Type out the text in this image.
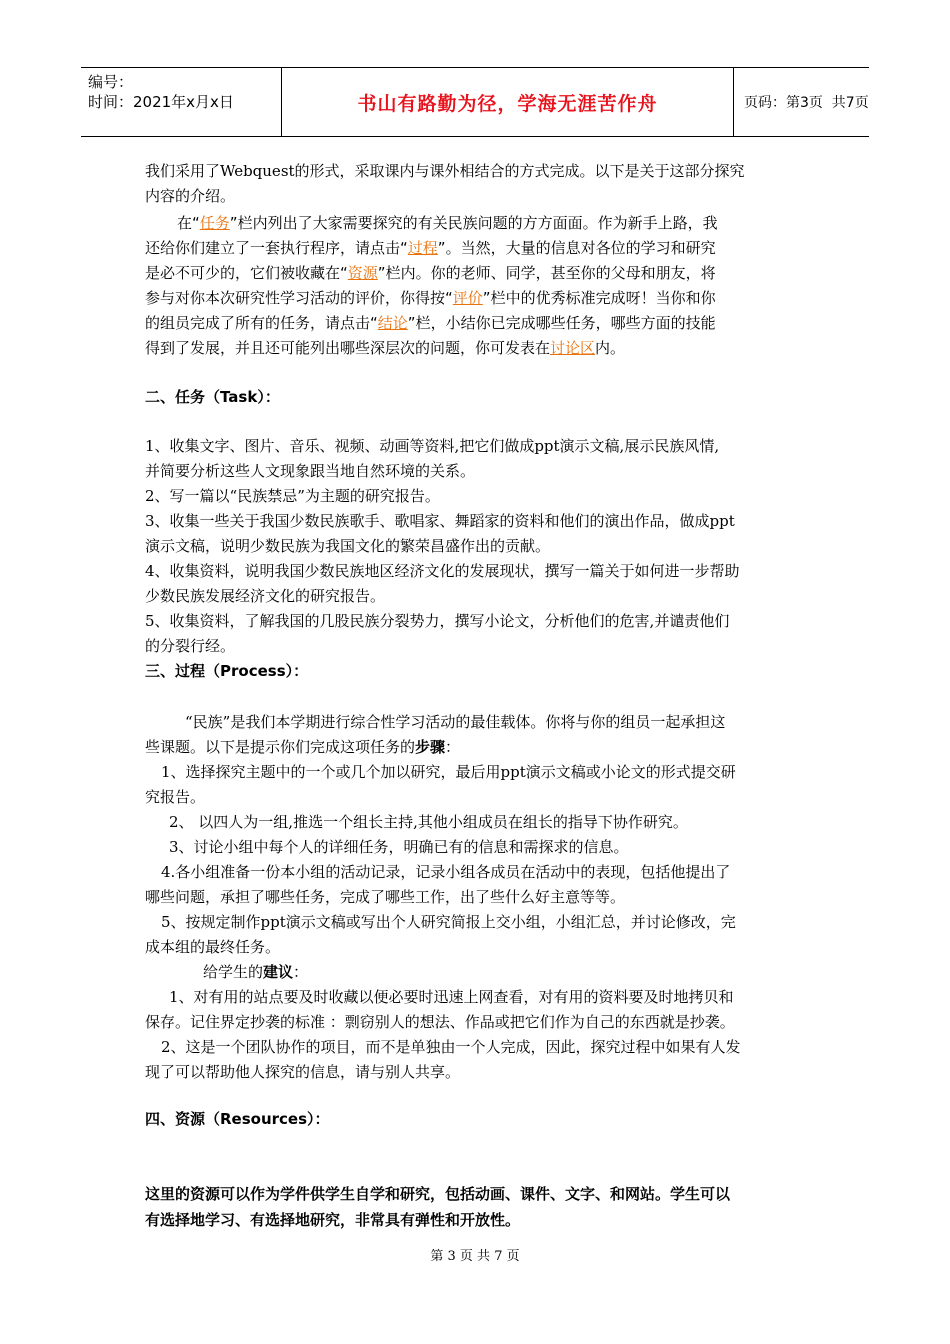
编号：
时间：2021年x月x日	书山有路勤为径，学海无涯苦作舟	页码：第3页  共7页
我们采用了Webquest的形式，采取课内与课外相结合的方式完成。以下是关于这部分探究
内容的介绍。
在“任务”栏内列出了大家需要探究的有关民族问题的方方面面。作为新手上路，我
还给你们建立了一套执行程序，请点击“过程”。当然，大量的信息对各位的学习和研究
是必不可少的，它们被收藏在“资源”栏内。你的老师、同学，甚至你的父母和朋友，将
参与对你本次研究性学习活动的评价，你得按“评价”栏中的优秀标准完成呀！当你和你
的组员完成了所有的任务，请点击“结论”栏，小结你已完成哪些任务，哪些方面的技能
得到了发展，并且还可能列出哪些深层次的问题，你可发表在讨论区内。
二、任务（Task）：
1、收集文字、图片、音乐、视频、动画等资料,把它们做成ppt演示文稿,展示民族风情,
并简要分析这些人文现象跟当地自然环境的关系。
2、写一篇以“民族禁忌”为主题的研究报告。
3、收集一些关于我国少数民族歌手、歌唱家、舞蹈家的资料和他们的演出作品，做成ppt
演示文稿，说明少数民族为我国文化的繁荣昌盛作出的贡献。
4、收集资料，说明我国少数民族地区经济文化的发展现状，撰写一篇关于如何进一步帮助
少数民族发展经济文化的研究报告。
5、收集资料，了解我国的几股民族分裂势力，撰写小论文，分析他们的危害,并谴责他们
的分裂行经。
三、过程（Process）：
“民族”是我们本学期进行综合性学习活动的最佳载体。你将与你的组员一起承担这
些课题。以下是提示你们完成这项任务的步骤：
1、选择探究主题中的一个或几个加以研究，最后用ppt演示文稿或小论文的形式提交研
究报告。
2、 以四人为一组,推选一个组长主持,其他小组成员在组长的指导下协作研究。
3、讨论小组中每个人的详细任务，明确已有的信息和需探求的信息。
4.各小组准备一份本小组的活动记录，记录小组各成员在活动中的表现，包括他提出了
哪些问题，承担了哪些任务，完成了哪些工作，出了些什么好主意等等。
5、按规定制作ppt演示文稿或写出个人研究简报上交小组，小组汇总，并讨论修改，完
成本组的最终任务。
给学生的建议：
1、对有用的站点要及时收藏以便必要时迅速上网查看，对有用的资料要及时地拷贝和
保存。记住界定抄袭的标准 ：剽窃别人的想法、作品或把它们作为自己的东西就是抄袭。
2、这是一个团队协作的项目，而不是单独由一个人完成，因此，探究过程中如果有人发
现了可以帮助他人探究的信息，请与别人共享。
四、资源（Resources）：
这里的资源可以作为学件供学生自学和研究，包括动画、课件、文字、和网站。学生可以
有选择地学习、有选择地研究，非常具有弹性和开放性。
第 3 页 共 7 页
